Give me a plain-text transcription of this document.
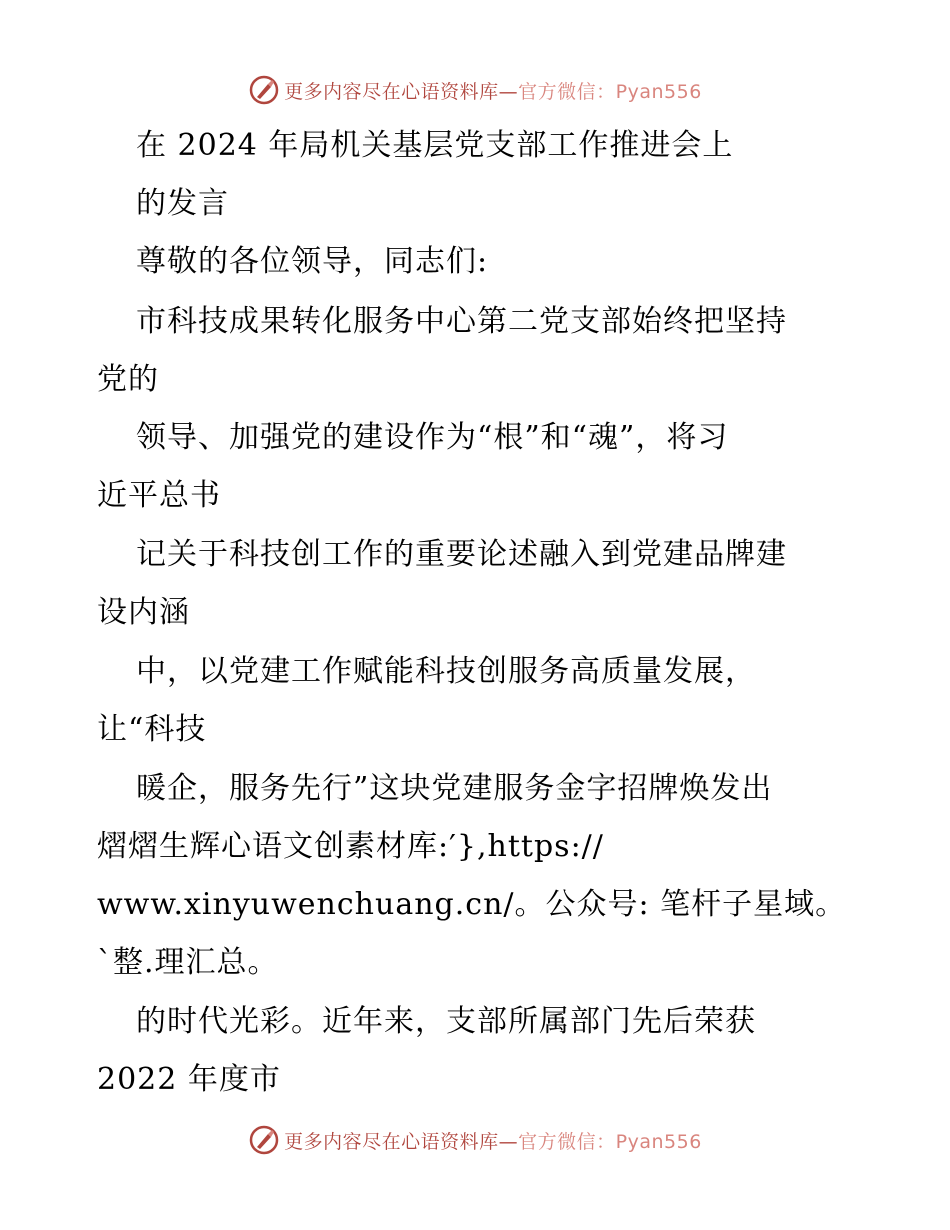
更多内容尽在心语资料库—官方微信：Pyan556
在 2024 年局机关基层党支部工作推进会上
的发言
尊敬的各位领导，同志们:
市科技成果转化服务中心第二党支部始终把坚持
党的
领导、加强党的建设作为“根”和“魂”，将习
近平总书
记关于科技创工作的重要论述融入到党建品牌建
设内涵
中，以党建工作赋能科技创服务高质量发展，
让“科技
暖企，服务先行”这块党建服务金字招牌焕发出
熠熠生辉心语文创素材库:′},https://
www.xinyuwenchuang.cn/。公众号: 笔杆子星域。
`整.理汇总。
的时代光彩。近年来，支部所属部门先后荣获
2022 年度市
更多内容尽在心语资料库—官方微信：Pyan556
